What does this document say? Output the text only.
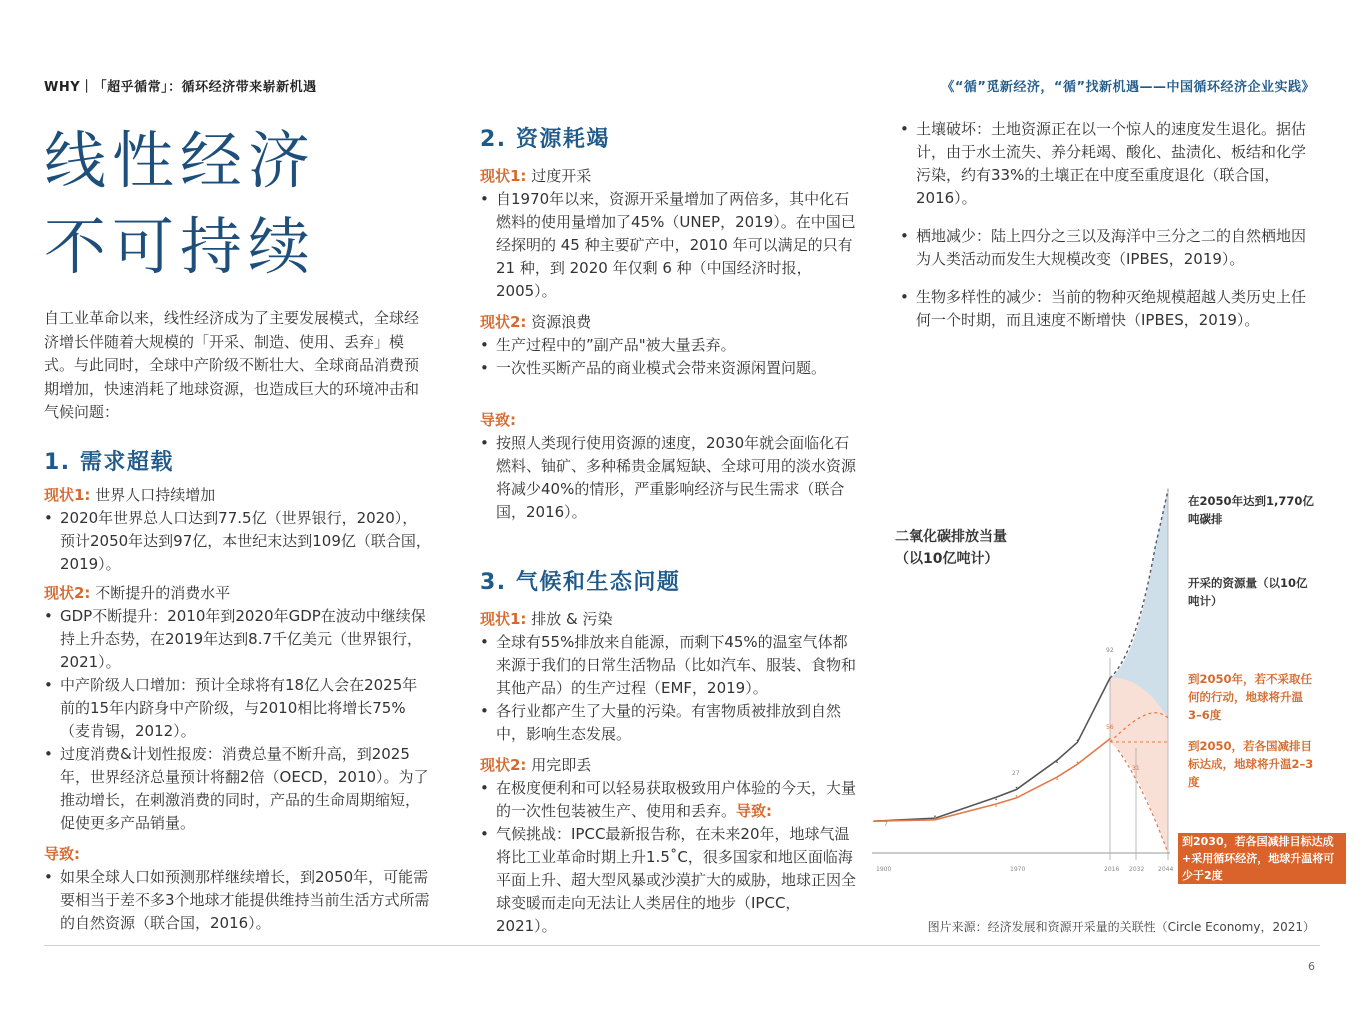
WHY｜「超乎循常」：循环经济带来崭新机遇	《“循”觅新经济，“循”找新机遇——中国循环经济企业实践》
线性经济
不可持续

自工业革命以来，线性经济成为了主要发展模式，全球经济增长伴随着大规模的「开采、制造、使用、丢弃」模式。与此同时，全球中产阶级不断壮大、全球商品消费预期增加，快速消耗了地球资源，也造成巨大的环境冲击和气候问题：

1. 需求超载
现状1: 世界人口持续增加
• 2020年世界总人口达到77.5亿（世界银行，2020），预计2050年达到97亿，本世纪末达到109亿（联合国，2019）。
现状2: 不断提升的消费水平
• GDP不断提升：2010年到2020年GDP在波动中继续保持上升态势，在2019年达到8.7千亿美元（世界银行，2021）。
• 中产阶级人口增加：预计全球将有18亿人会在2025年前的15年内跻身中产阶级，与2010相比将增长75%（麦肯锡，2012）。
• 过度消费&计划性报废：消费总量不断升高，到2025年，世界经济总量预计将翻2倍（OECD，2010）。为了推动增长，在刺激消费的同时，产品的生命周期缩短，促使更多产品销量。
导致:
• 如果全球人口如预测那样继续增长，到2050年，可能需要相当于差不多3个地球才能提供维持当前生活方式所需的自然资源（联合国，2016）。
2. 资源耗竭
现状1: 过度开采
• 自1970年以来，资源开采量增加了两倍多，其中化石燃料的使用量增加了45%（UNEP，2019）。在中国已经探明的 45 种主要矿产中，2010 年可以满足的只有 21 种，到 2020 年仅剩 6 种（中国经济时报，2005）。
现状2: 资源浪费
• 生产过程中的”副产品"被大量丢弃。
• 一次性买断产品的商业模式会带来资源闲置问题。
导致:
• 按照人类现行使用资源的速度，2030年就会面临化石燃料、铀矿、多种稀贵金属短缺、全球可用的淡水资源将减少40%的情形，严重影响经济与民生需求（联合国，2016）。
3. 气候和生态问题
现状1: 排放 & 污染
• 全球有55%排放来自能源，而剩下45%的温室气体都来源于我们的日常生活物品（比如汽车、服装、食物和其他产品）的生产过程（EMF，2019）。
• 各行业都产生了大量的污染。有害物质被排放到自然中，影响生态发展。
现状2: 用完即丢
• 在极度便利和可以轻易获取极致用户体验的今天，大量的一次性包装被生产、使用和丢弃。导致:
• 气候挑战：IPCC最新报告称，在未来20年，地球气温将比工业革命时期上升1.5˚C，很多国家和地区面临海平面上升、超大型风暴或沙漠扩大的威胁，地球正因全球变暖而走向无法让人类居住的地步（IPCC，2021）。
• 土壤破坏：土地资源正在以一个惊人的速度发生退化。据估计，由于水土流失、养分耗竭、酸化、盐渍化、板结和化学污染，约有33%的土壤正在中度至重度退化（联合国，2016）。
• 栖地减少：陆上四分之三以及海洋中三分之二的自然栖地因为人类活动而发生大规模改变（IPBES，2019）。
• 生物多样性的减少：当前的物种灭绝规模超越人类历史上任何一个时期，而且速度不断增快（IPBES，2019）。
二氧化碳排放当量
（以10亿吨计）
7
27
92
56
31
1900	1970	2016 2032 2044
在2050年达到1,770亿吨碳排
开采的资源量（以10亿吨计）
到2050年，若不采取任何的行动，地球将升温3–6度
到2050，若各国减排目标达成，地球将升温2–3度
到2030，若各国减排目标达成+采用循环经济，地球升温将可少于2度
图片来源：经济发展和资源开采量的关联性（Circle Economy，2021）
6
